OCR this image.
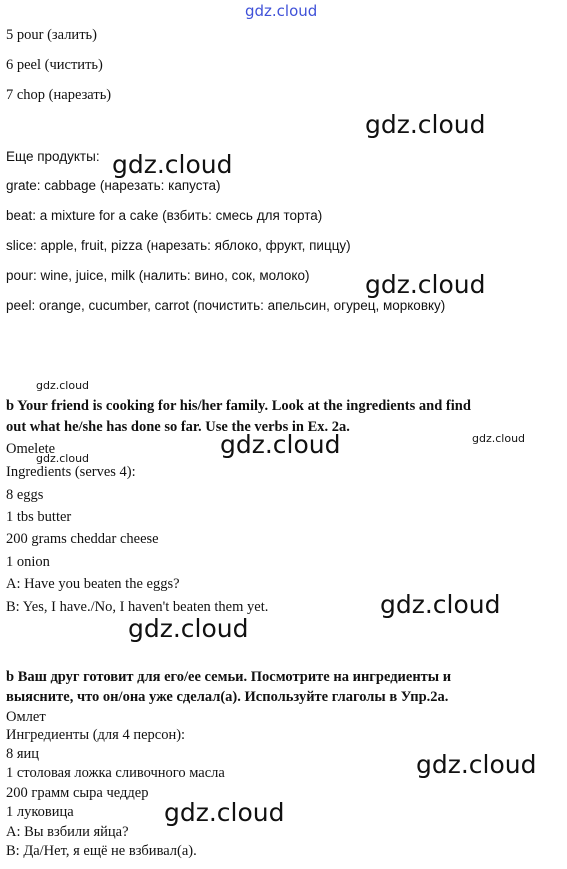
gdz.cloud

5 pour (залить)

6 peel (чистить)

7 chop (нарезать)

Еще продукты:

grate: cabbage (нарезать: капуста)

beat: a mixture for a cake (взбить: смесь для торта)

slice: apple, fruit, pizza (нарезать: яблоко, фрукт, пиццу)

pour: wine, juice, milk (налить: вино, сок, молоко)

peel: orange, cucumber, carrot (почистить: апельсин, огурец, морковку)

b Your friend is cooking for his/her family. Look at the ingredients and find

out what he/she has done so far. Use the verbs in Ex. 2a.

Omelete

Ingredients (serves 4):

8 eggs

1 tbs butter

200 grams cheddar cheese

1 onion

A: Have you beaten the eggs?

B: Yes, I have./No, I haven't beaten them yet.

b Ваш друг готовит для его/ее семьи. Посмотрите на ингредиенты и

выясните, что он/она уже сделал(а). Используйте глаголы в Упр.2а.

Омлет

Ингредиенты (для 4 персон):

8 яиц

1 столовая ложка сливочного масла

200 грамм сыра чеддер

1 луковица

А: Вы взбили яйца?

В: Да/Нет, я ещё не взбивал(а).

gdz.cloud
gdz.cloud
gdz.cloud
gdz.cloud
gdz.cloud	gdz.cloud
gdz.cloud
gdz.cloud
gdz.cloud
gdz.cloud
gdz.cloud
